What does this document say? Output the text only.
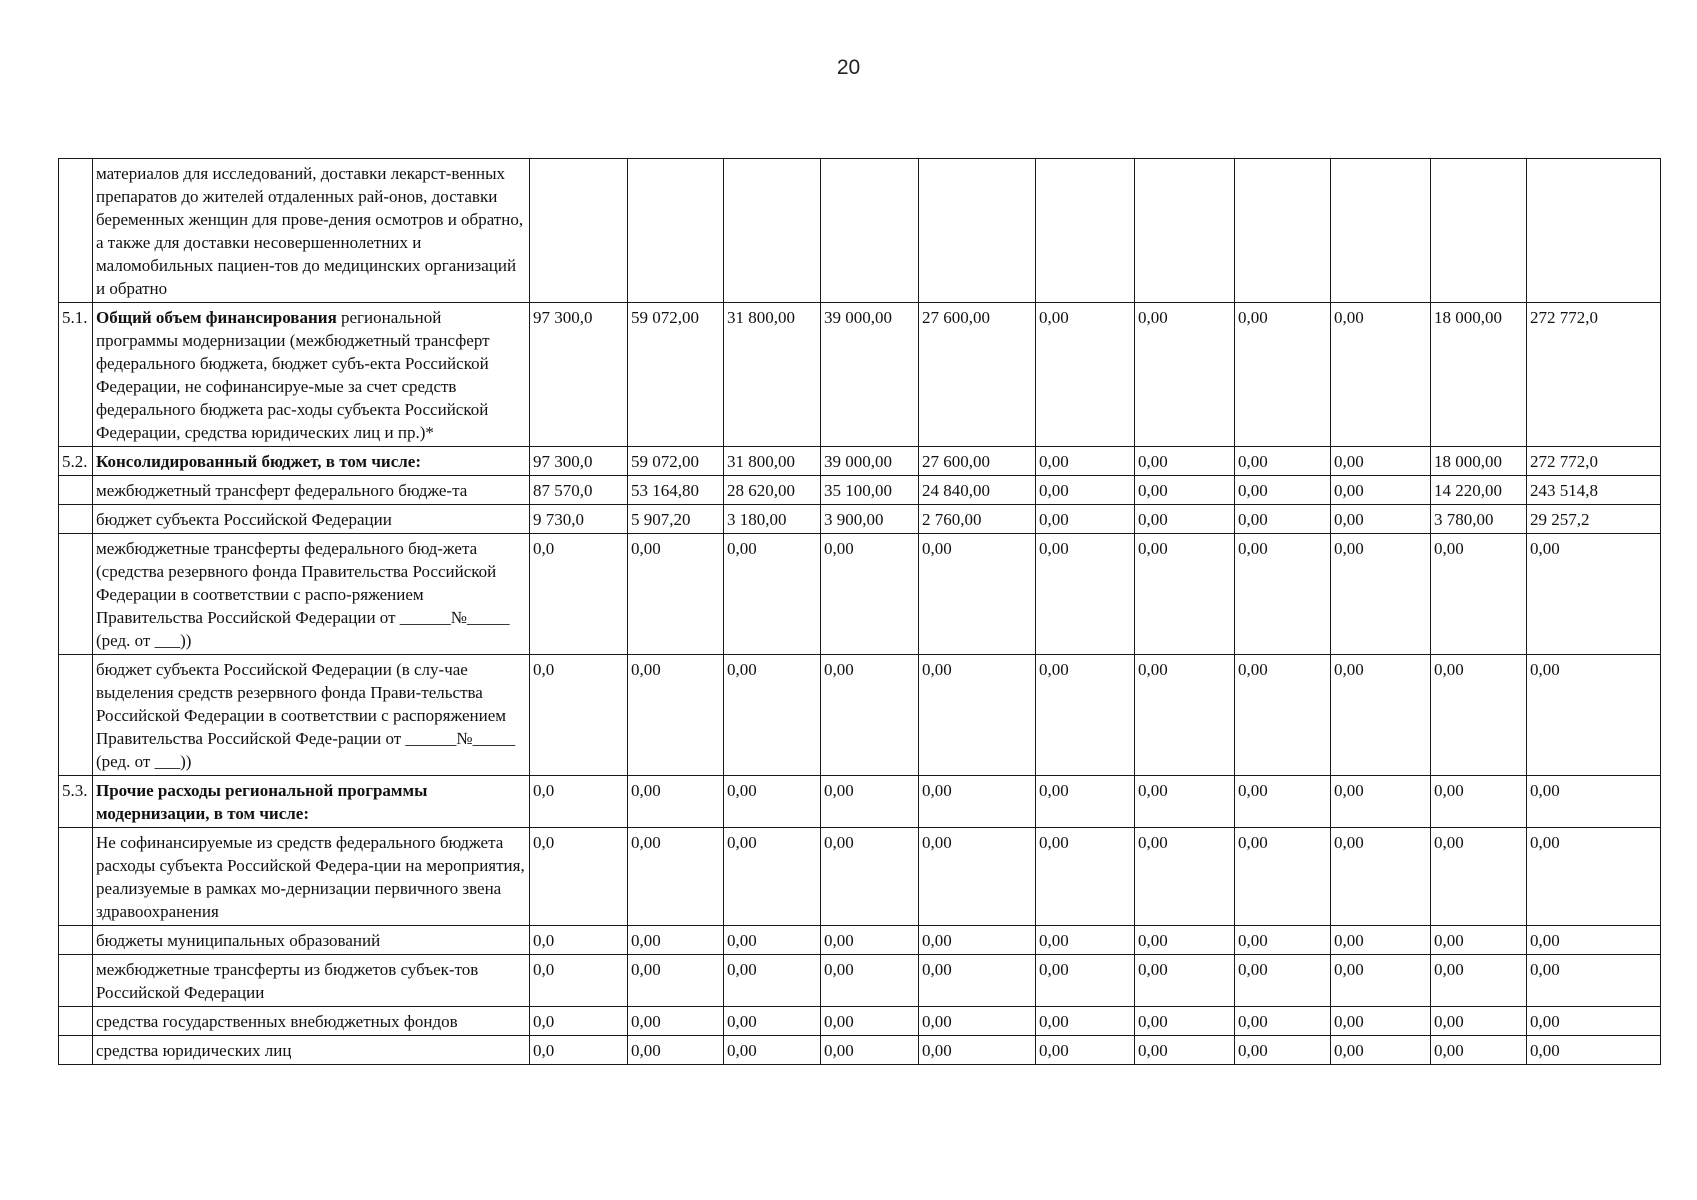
20
	материалов для исследований, доставки лекарст-венных препаратов до жителей отдаленных рай-онов, доставки беременных женщин для прове-дения осмотров и обратно, а также для доставки несовершеннолетних и маломобильных пациен-тов до медицинских организаций и обратно											
5.1.	Общий объем финансирования региональной программы модернизации (межбюджетный трансферт федерального бюджета, бюджет субъ-екта Российской Федерации, не софинансируе-мые за счет средств федерального бюджета рас-ходы субъекта Российской Федерации, средства юридических лиц и пр.)*	97 300,0	59 072,00	31 800,00	39 000,00	27 600,00	0,00	0,00	0,00	0,00	18 000,00	272 772,0
5.2.	Консолидированный бюджет, в том числе:	97 300,0	59 072,00	31 800,00	39 000,00	27 600,00	0,00	0,00	0,00	0,00	18 000,00	272 772,0
	межбюджетный трансферт федерального бюдже-та	87 570,0	53 164,80	28 620,00	35 100,00	24 840,00	0,00	0,00	0,00	0,00	14 220,00	243 514,8
	бюджет субъекта Российской Федерации	9 730,0	5 907,20	3 180,00	3 900,00	2 760,00	0,00	0,00	0,00	0,00	3 780,00	29 257,2
	межбюджетные трансферты федерального бюд-жета (средства резервного фонда Правительства Российской Федерации в соответствии с распо-ряжением Правительства Российской Федерации от ______№_____ (ред. от ___))	0,0	0,00	0,00	0,00	0,00	0,00	0,00	0,00	0,00	0,00	0,00
	бюджет субъекта Российской Федерации (в слу-чае выделения средств резервного фонда Прави-тельства Российской Федерации в соответствии с распоряжением Правительства Российской Феде-рации от ______№_____ (ред. от ___))	0,0	0,00	0,00	0,00	0,00	0,00	0,00	0,00	0,00	0,00	0,00
5.3.	Прочие расходы региональной программы модернизации, в том числе:	0,0	0,00	0,00	0,00	0,00	0,00	0,00	0,00	0,00	0,00	0,00
	Не софинансируемые из средств федерального бюджета расходы субъекта Российской Федера-ции на мероприятия, реализуемые в рамках мо-дернизации первичного звена здравоохранения	0,0	0,00	0,00	0,00	0,00	0,00	0,00	0,00	0,00	0,00	0,00
	бюджеты муниципальных образований	0,0	0,00	0,00	0,00	0,00	0,00	0,00	0,00	0,00	0,00	0,00
	межбюджетные трансферты из бюджетов субъек-тов Российской Федерации	0,0	0,00	0,00	0,00	0,00	0,00	0,00	0,00	0,00	0,00	0,00
	средства государственных внебюджетных фондов	0,0	0,00	0,00	0,00	0,00	0,00	0,00	0,00	0,00	0,00	0,00
	средства юридических лиц	0,0	0,00	0,00	0,00	0,00	0,00	0,00	0,00	0,00	0,00	0,00
